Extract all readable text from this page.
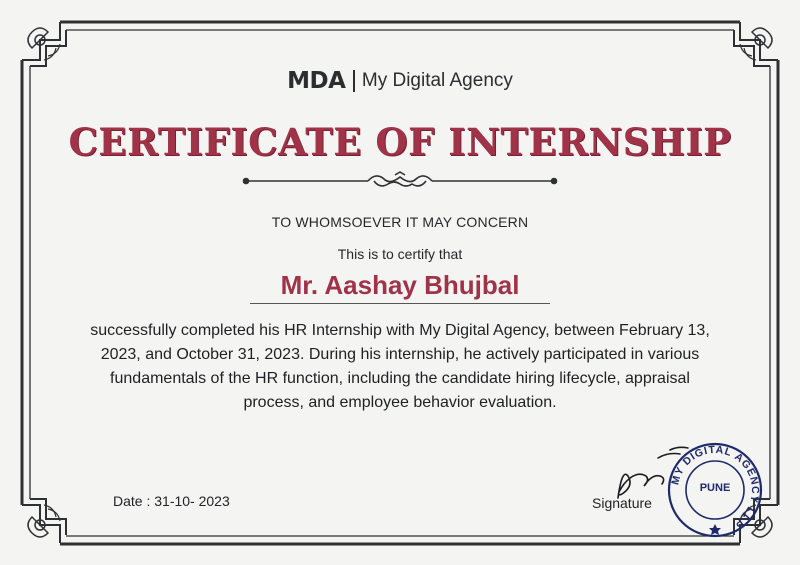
MDA My Digital Agency
CERTIFICATE OF INTERNSHIP
TO WHOMSOEVER IT MAY CONCERN
This is to certify that
Mr. Aashay Bhujbal
successfully completed his HR Internship with My Digital Agency, between February 13, 2023, and October 31, 2023. During his internship, he actively participated in various fundamentals of the HR function, including the candidate hiring lifecycle, appraisal process, and employee behavior evaluation.
Date : 31-10- 2023	Signature
MY DIGITAL AGENCY LLP
PUNE
